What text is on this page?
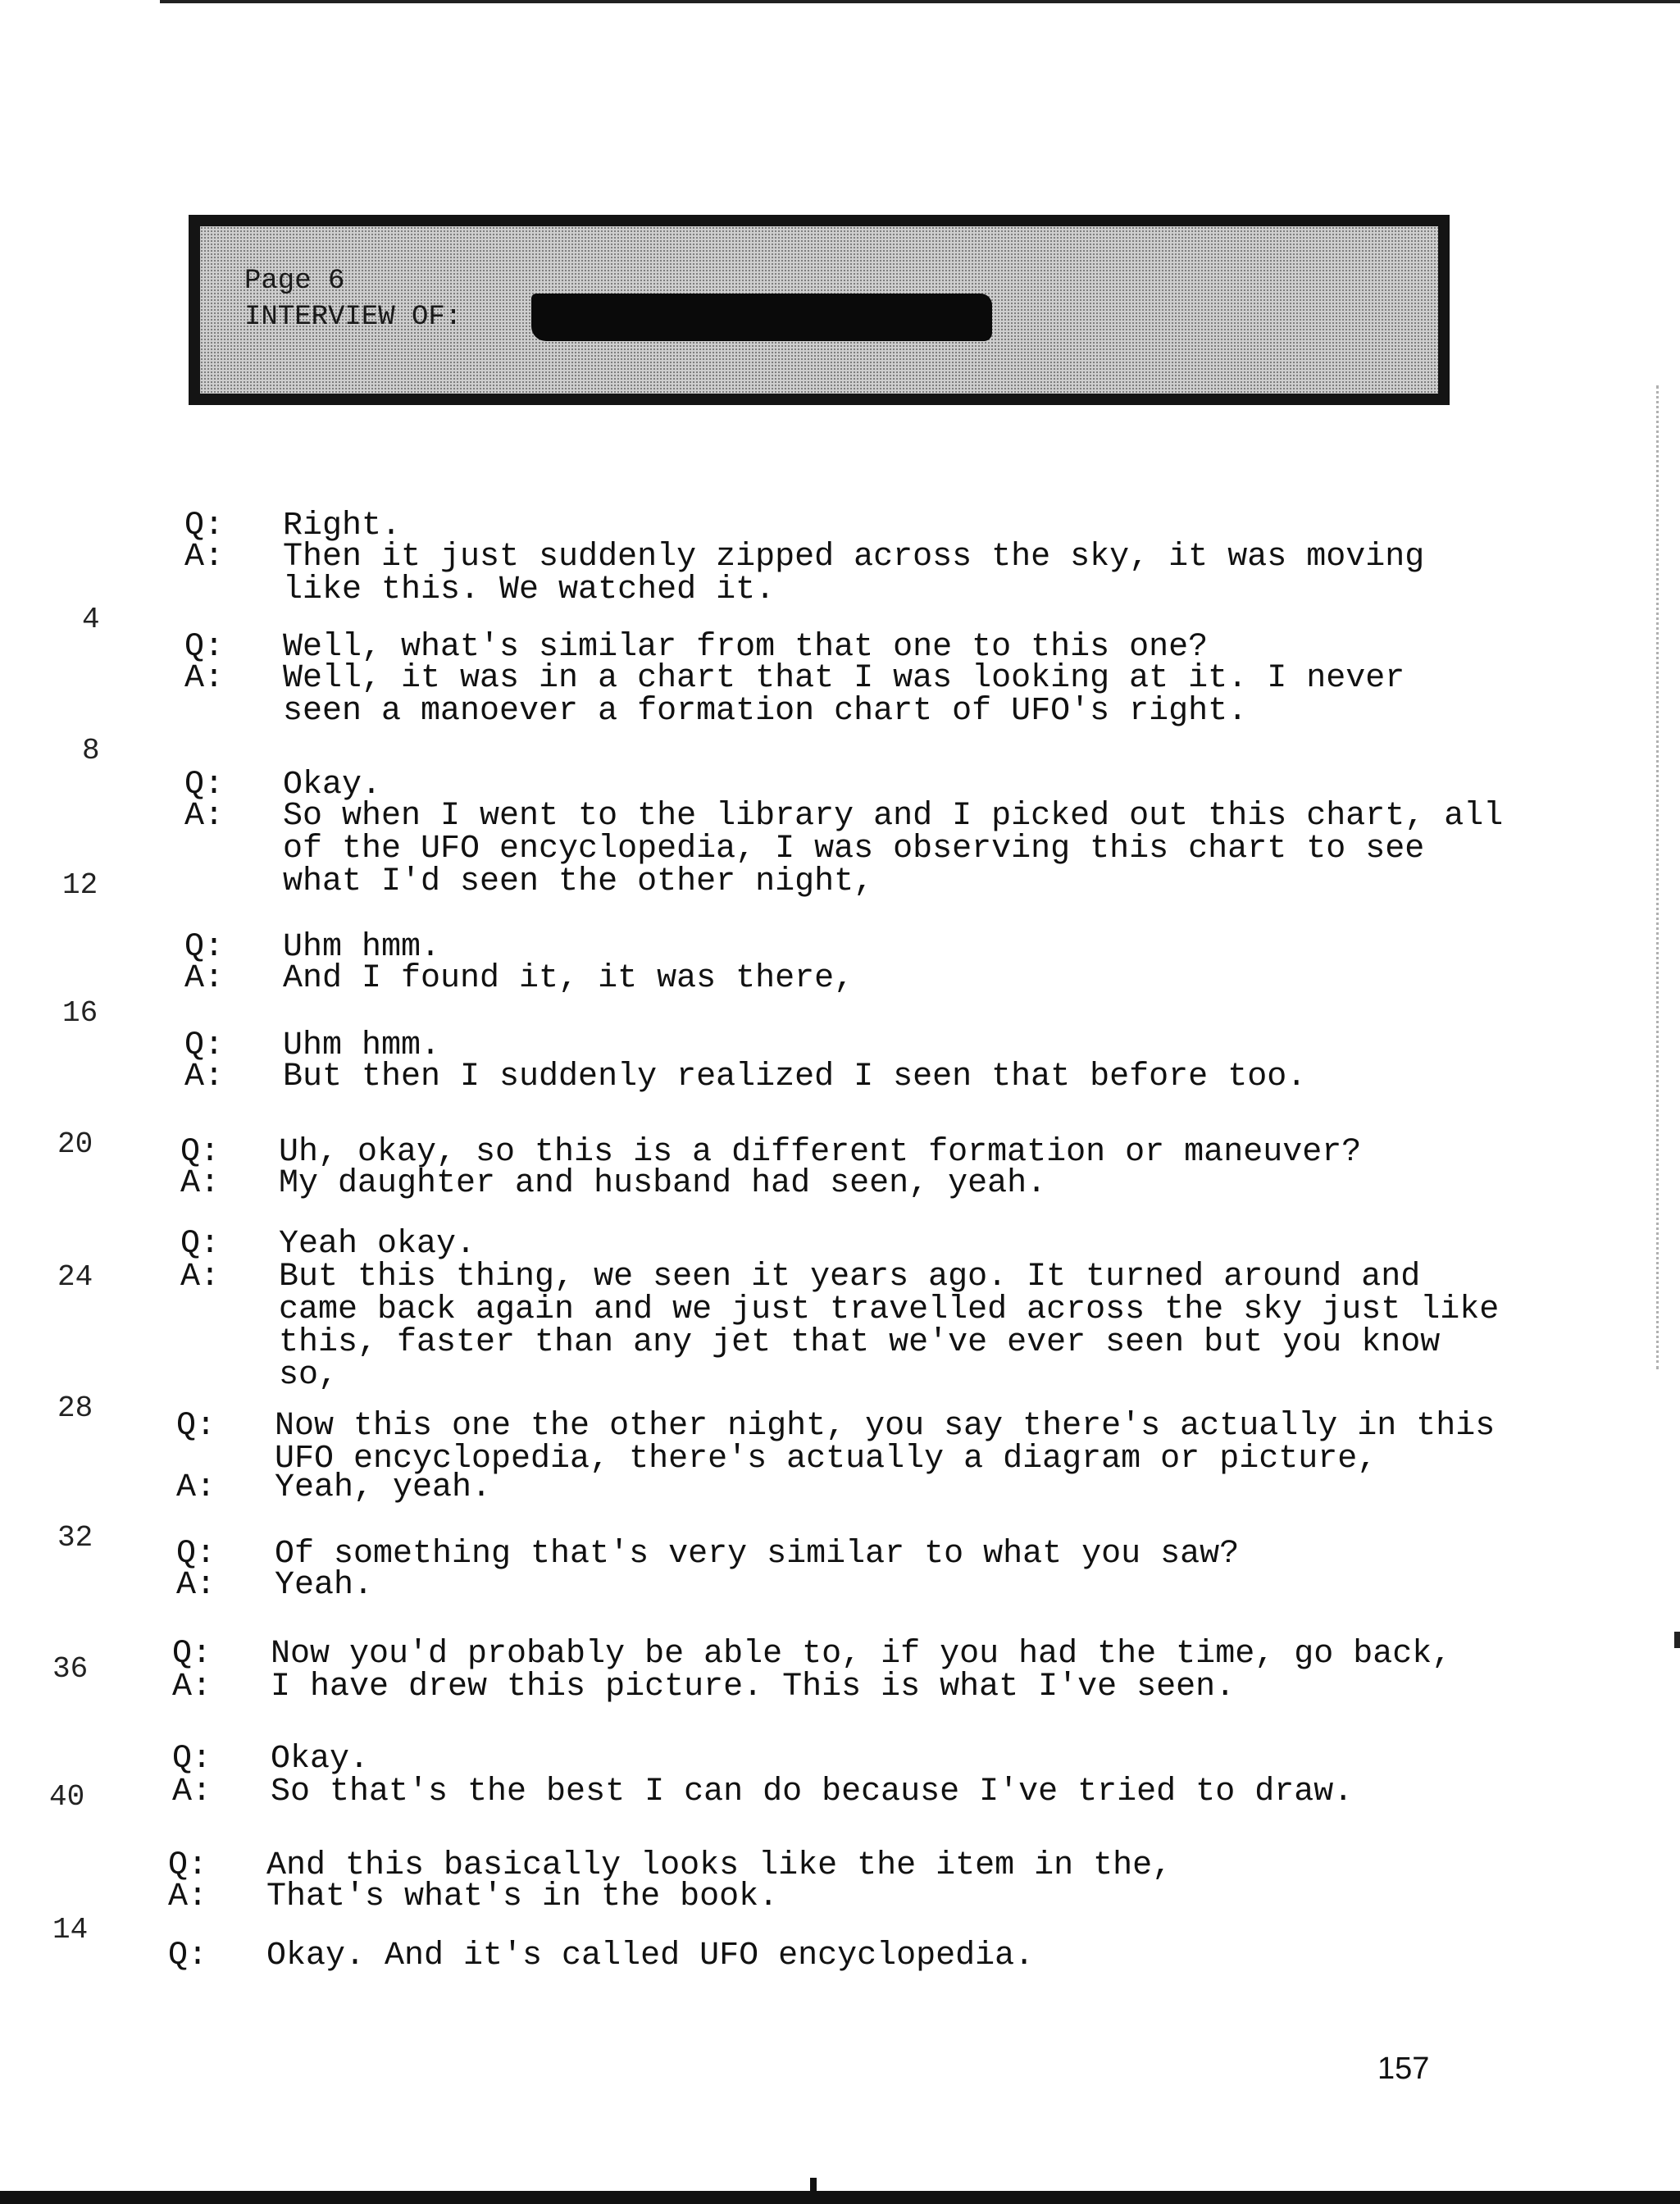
Page 6
INTERVIEW OF:
4
8
12
16
20
24
28
32
36
40
14
Q: Right.
A: Then it just suddenly zipped across the sky, it was moving
like this. We watched it.
Q: Well, what's similar from that one to this one?
A: Well, it was in a chart that I was looking at it. I never
seen a manoever a formation chart of UFO's right.
Q: Okay.
A: So when I went to the library and I picked out this chart, all
of the UFO encyclopedia, I was observing this chart to see
what I'd seen the other night,
Q: Uhm hmm.
A: And I found it, it was there,
Q: Uhm hmm.
A: But then I suddenly realized I seen that before too.
Q: Uh, okay, so this is a different formation or maneuver?
A: My daughter and husband had seen, yeah.
Q: Yeah okay.
A: But this thing, we seen it years ago. It turned around and
came back again and we just travelled across the sky just like
this, faster than any jet that we've ever seen but you know
so,
Q: Now this one the other night, you say there's actually in this
UFO encyclopedia, there's actually a diagram or picture,
A: Yeah, yeah.
Q: Of something that's very similar to what you saw?
A: Yeah.
Q: Now you'd probably be able to, if you had the time, go back,
A: I have drew this picture. This is what I've seen.
Q: Okay.
A: So that's the best I can do because I've tried to draw.
Q: And this basically looks like the item in the,
A: That's what's in the book.
Q: Okay. And it's called UFO encyclopedia.
157
